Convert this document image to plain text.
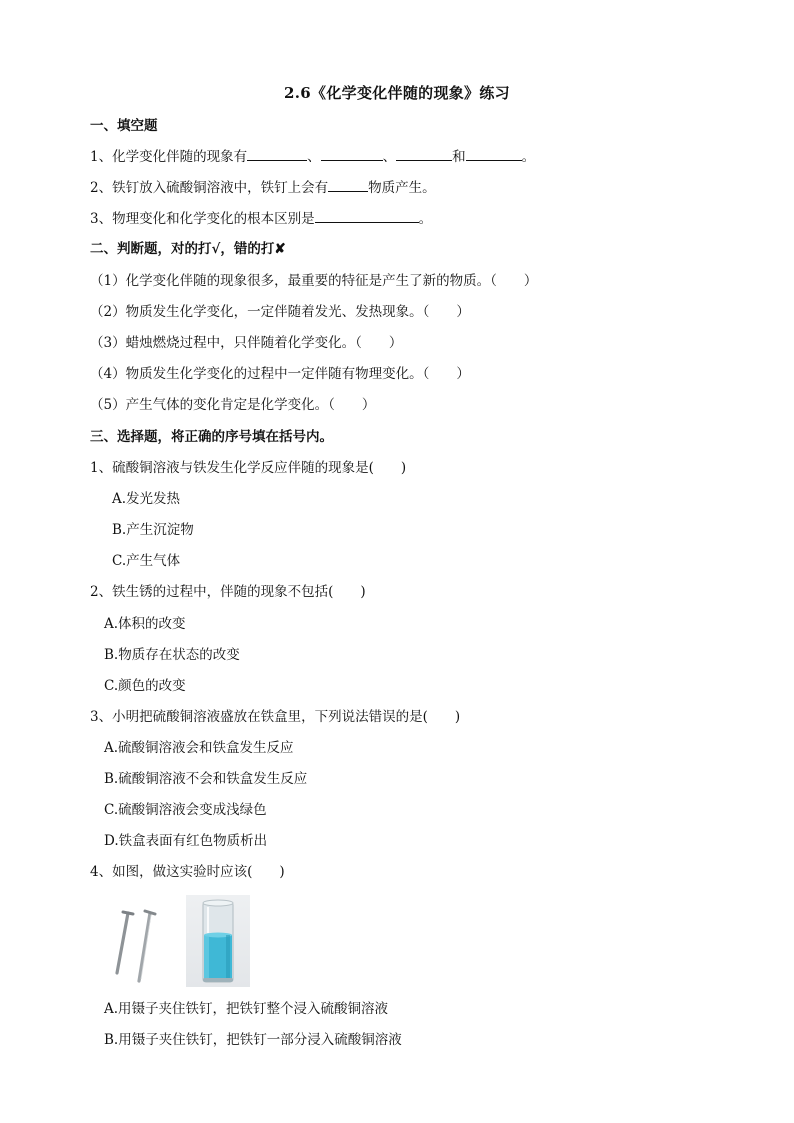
2.6《化学变化伴随的现象》练习
一、填空题
1、化学变化伴随的现象有	、	、	和	。
2、铁钉放入硫酸铜溶液中，铁钉上会有	物质产生。
3、物理变化和化学变化的根本区别是	。
二、判断题，对的打√，错的打✘
（1）化学变化伴随的现象很多，最重要的特征是产生了新的物质。（　　）
（2）物质发生化学变化，一定伴随着发光、发热现象。（　　）
（3）蜡烛燃烧过程中，只伴随着化学变化。（　　）
（4）物质发生化学变化的过程中一定伴随有物理变化。（　　）
（5）产生气体的变化肯定是化学变化。（　　）
三、选择题，将正确的序号填在括号内。
1、硫酸铜溶液与铁发生化学反应伴随的现象是(　　)
A.发光发热
B.产生沉淀物
C.产生气体
2、铁生锈的过程中，伴随的现象不包括(　　)
A.体积的改变
B.物质存在状态的改变
C.颜色的改变
3、小明把硫酸铜溶液盛放在铁盒里，下列说法错误的是(　　)
A.硫酸铜溶液会和铁盒发生反应
B.硫酸铜溶液不会和铁盒发生反应
C.硫酸铜溶液会变成浅绿色
D.铁盒表面有红色物质析出
4、如图，做这实验时应该(　　)
A.用镊子夹住铁钉，把铁钉整个浸入硫酸铜溶液
B.用镊子夹住铁钉，把铁钉一部分浸入硫酸铜溶液
